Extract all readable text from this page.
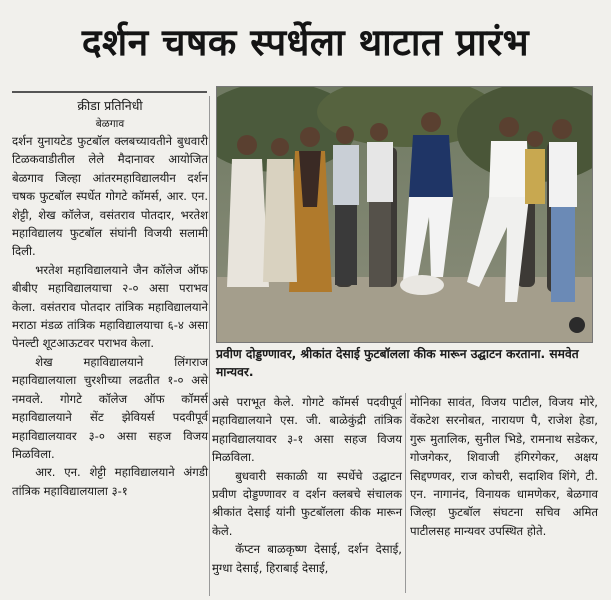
दर्शन चषक स्पर्धेला थाटात प्रारंभ

क्रीडा प्रतिनिधी

बेळगाव

दर्शन युनायटेड फुटबॉल क्लबच्यावतीने बुधवारी टिळकवाडीतील लेले मैदानावर आयोजित बेळगाव जिल्हा आंतरमहाविद्यालयीन दर्शन चषक फुटबॉल स्पर्धेत गोगटे कॉमर्स, आर. एन. शेट्टी, शेख कॉलेज, वसंतराव पोतदार, भरतेश महाविद्यालय फुटबॉल संघांनी विजयी सलामी दिली.

भरतेश महाविद्यालयाने जैन कॉलेज ऑफ बीबीए महाविद्यालयाचा २-० असा पराभव केला. वसंतराव पोतदार तांत्रिक महाविद्यालयाने मराठा मंडळ तांत्रिक महाविद्यालयाचा ६-४ असा पेनल्टी शूटआऊटवर पराभव केला.

शेख महाविद्यालयाने लिंगराज महाविद्यालयाला चुरशीच्या लढतीत १-० असे नमवले. गोगटे कॉलेज ऑफ कॉमर्स महाविद्यालयाने सेंट झेवियर्स पदवीपूर्व महाविद्यालयावर ३-० असा सहज विजय मिळविला.

आर. एन. शेट्टी महाविद्यालयाने अंगडी तांत्रिक महाविद्यालयाला ३-१

प्रवीण दोड्डण्णावर, श्रीकांत देसाई फुटबॉलला कीक मारून उद्घाटन करताना. समवेत मान्यवर.

असे पराभूत केले. गोगटे कॉमर्स पदवीपूर्व महाविद्यालयाने एस. जी. बाळेकुंद्री तांत्रिक महाविद्यालयावर ३-१ असा सहज विजय मिळविला.

बुधवारी सकाळी या स्पर्धेचे उद्घाटन प्रवीण दोड्डण्णावर व दर्शन क्लबचे संचालक श्रीकांत देसाई यांनी फुटबॉलला कीक मारून केले.

कॅप्टन बाळकृष्ण देसाई, दर्शन देसाई, मुग्धा देसाई, हिराबाई देसाई,

मोनिका सावंत, विजय पाटील, विजय मोरे, वेंकटेश सरनोबत, नारायण पै, राजेश हेडा, गुरू मुतालिक, सुनील भिडे, रामनाथ सडेकर, गोजगेकर, शिवाजी हंगिरगेकर, अक्षय सिद्दण्णवर, राज कोचरी, सदाशिव शिंगे, टी. एन. नागानंद, विनायक धामणेकर, बेळगाव जिल्हा फुटबॉल संघटना सचिव अमित पाटीलसह मान्यवर उपस्थित होते.
